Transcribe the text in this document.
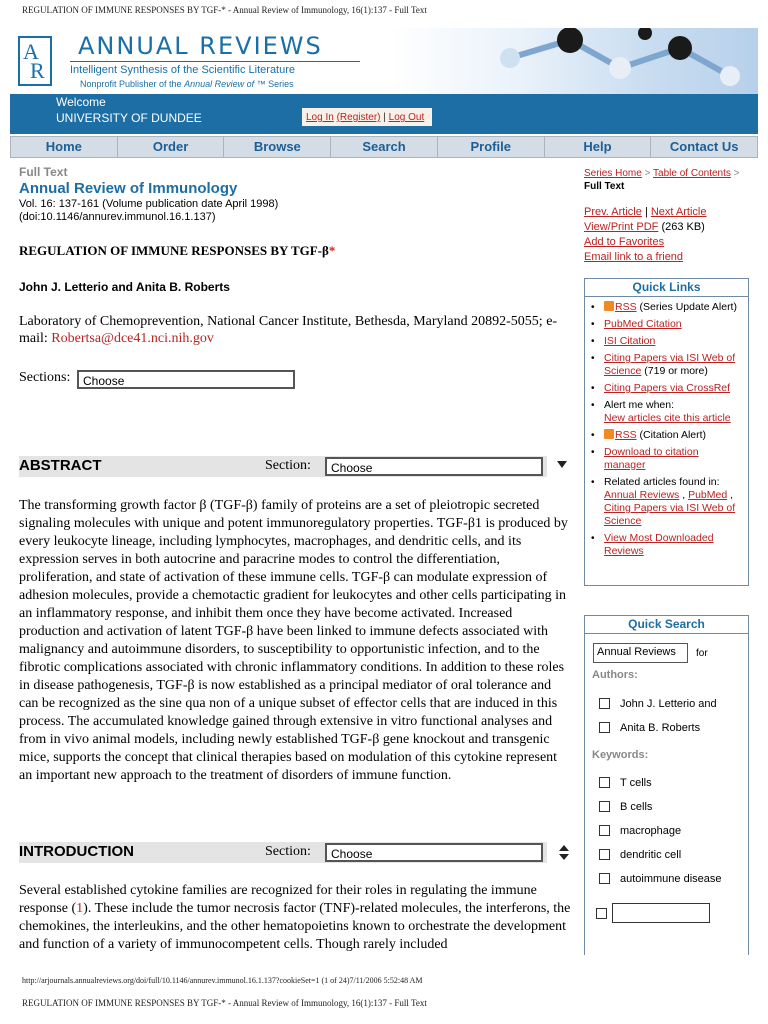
REGULATION OF IMMUNE RESPONSES BY TGF-* - Annual Review of Immunology, 16(1):137 - Full Text
A
R
ANNUAL REVIEWS
Intelligent Synthesis of the Scientific Literature
Nonprofit Publisher of the Annual Review of ™ Series
Welcome
UNIVERSITY OF DUNDEE	Log In (Register) | Log Out
Home	Order	Browse	Search	Profile	Help	Contact Us
Full Text
Annual Review of Immunology
Vol. 16: 137-161 (Volume publication date April 1998)
(doi:10.1146/annurev.immunol.16.1.137)
REGULATION OF IMMUNE RESPONSES BY TGF-β*
John J. Letterio and Anita B. Roberts
Laboratory of Chemoprevention, National Cancer Institute, Bethesda, Maryland 20892-5055; e-mail: Robertsa@dce41.nci.nih.gov
Sections:	Choose
ABSTRACT	Section:	Choose
The transforming growth factor β (TGF-β) family of proteins are a set of pleiotropic secreted signaling molecules with unique and potent immunoregulatory properties. TGF-β1 is produced by every leukocyte lineage, including lymphocytes, macrophages, and dendritic cells, and its expression serves in both autocrine and paracrine modes to control the differentiation, proliferation, and state of activation of these immune cells. TGF-β can modulate expression of adhesion molecules, provide a chemotactic gradient for leukocytes and other cells participating in an inflammatory response, and inhibit them once they have become activated. Increased production and activation of latent TGF-β have been linked to immune defects associated with malignancy and autoimmune disorders, to susceptibility to opportunistic infection, and to the fibrotic complications associated with chronic inflammatory conditions. In addition to these roles in disease pathogenesis, TGF-β is now established as a principal mediator of oral tolerance and can be recognized as the sine qua non of a unique subset of effector cells that are induced in this process. The accumulated knowledge gained through extensive in vitro functional analyses and from in vivo animal models, including newly established TGF-β gene knockout and transgenic mice, supports the concept that clinical therapies based on modulation of this cytokine represent an important new approach to the treatment of disorders of immune function.
INTRODUCTION	Section:	Choose
Several established cytokine families are recognized for their roles in regulating the immune response (1). These include the tumor necrosis factor (TNF)-related molecules, the interferons, the chemokines, the interleukins, and the other hematopoietins known to orchestrate the development and function of a variety of immunocompetent cells. Though rarely included
Series Home > Table of Contents >
Full Text
Prev. Article | Next Article
View/Print PDF (263 KB)
Add to Favorites
Email link to a friend
Quick Links
• RSS (Series Update Alert)
• PubMed Citation
• ISI Citation
• Citing Papers via ISI Web of Science (719 or more)
• Citing Papers via CrossRef
• Alert me when:
New articles cite this article
• RSS (Citation Alert)
• Download to citation manager
• Related articles found in:
Annual Reviews , PubMed ,
Citing Papers via ISI Web of Science
• View Most Downloaded Reviews
Quick Search
Annual Reviews	for
Authors:
John J. Letterio and
Anita B. Roberts
Keywords:
T cells
B cells
macrophage
dendritic cell
autoimmune disease
http://arjournals.annualreviews.org/doi/full/10.1146/annurev.immunol.16.1.137?cookieSet=1 (1 of 24)7/11/2006 5:52:48 AM
REGULATION OF IMMUNE RESPONSES BY TGF-* - Annual Review of Immunology, 16(1):137 - Full Text
